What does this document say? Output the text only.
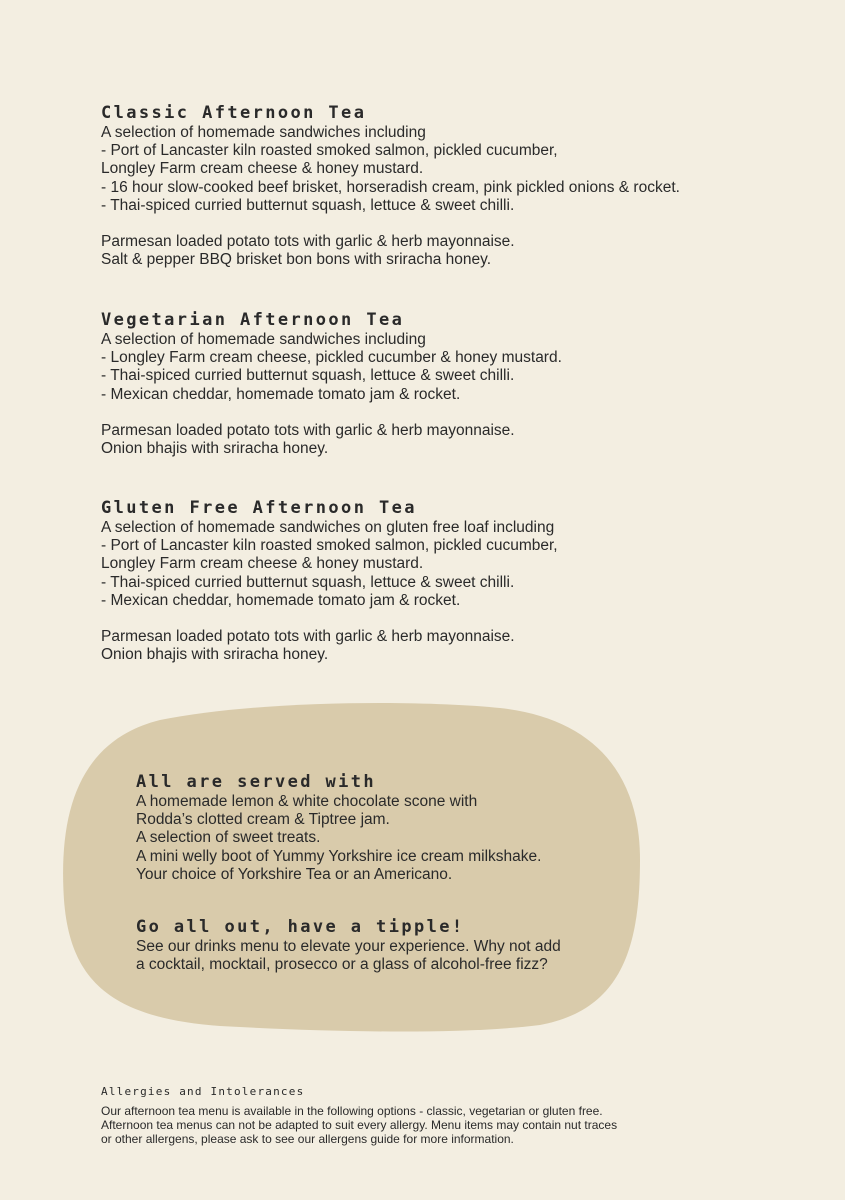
Classic Afternoon Tea

A selection of homemade sandwiches including

- Port of Lancaster kiln roasted smoked salmon, pickled cucumber,

Longley Farm cream cheese & honey mustard.

- 16 hour slow-cooked beef brisket, horseradish cream, pink pickled onions & rocket.

- Thai-spiced curried butternut squash, lettuce & sweet chilli.

Parmesan loaded potato tots with garlic & herb mayonnaise.

Salt & pepper BBQ brisket bon bons with sriracha honey.

Vegetarian Afternoon Tea

A selection of homemade sandwiches including

- Longley Farm cream cheese, pickled cucumber & honey mustard.

- Thai-spiced curried butternut squash, lettuce & sweet chilli.

- Mexican cheddar, homemade tomato jam & rocket.

Parmesan loaded potato tots with garlic & herb mayonnaise.

Onion bhajis with sriracha honey.

Gluten Free Afternoon Tea

A selection of homemade sandwiches on gluten free loaf including

- Port of Lancaster kiln roasted smoked salmon, pickled cucumber,

Longley Farm cream cheese & honey mustard.

- Thai-spiced curried butternut squash, lettuce & sweet chilli.

- Mexican cheddar, homemade tomato jam & rocket.

Parmesan loaded potato tots with garlic & herb mayonnaise.

Onion bhajis with sriracha honey.

All are served with

A homemade lemon & white chocolate scone with

Rodda’s clotted cream & Tiptree jam.

A selection of sweet treats.

A mini welly boot of Yummy Yorkshire ice cream milkshake.

Your choice of Yorkshire Tea or an Americano.

Go all out, have a tipple!

See our drinks menu to elevate your experience. Why not add

a cocktail, mocktail, prosecco or a glass of alcohol-free fizz?

Allergies and Intolerances

Our afternoon tea menu is available in the following options - classic, vegetarian or gluten free.

Afternoon tea menus can not be adapted to suit every allergy. Menu items may contain nut traces

or other allergens, please ask to see our allergens guide for more information.
